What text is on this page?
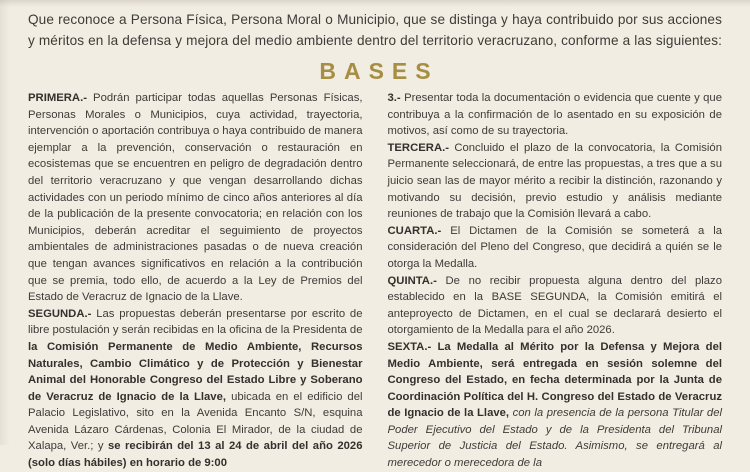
Que reconoce a Persona Física, Persona Moral o Municipio, que se distinga y haya contribuido por sus acciones y méritos en la defensa y mejora del medio ambiente dentro del territorio veracruzano, conforme a las siguientes:

BASES

PRIMERA.- Podrán participar todas aquellas Personas Físicas, Personas Morales o Municipios, cuya actividad, trayectoria, intervención o aportación contribuya o haya contribuido de manera ejemplar a la prevención, conservación o restauración en ecosistemas que se encuentren en peligro de degradación dentro del territorio veracruzano y que vengan desarrollando dichas actividades con un periodo mínimo de cinco años anteriores al día de la publicación de la presente convocatoria; en relación con los Municipios, deberán acreditar el seguimiento de proyectos ambientales de administraciones pasadas o de nueva creación que tengan avances significativos en relación a la contribución que se premia, todo ello, de acuerdo a la Ley de Premios del Estado de Veracruz de Ignacio de la Llave.

SEGUNDA.- Las propuestas deberán presentarse por escrito de libre postulación y serán recibidas en la oficina de la Presidenta de la Comisión Permanente de Medio Ambiente, Recursos Naturales, Cambio Climático y de Protección y Bienestar Animal del Honorable Congreso del Estado Libre y Soberano de Veracruz de Ignacio de la Llave, ubicada en el edificio del Palacio Legislativo, sito en la Avenida Encanto S/N, esquina Avenida Lázaro Cárdenas, Colonia El Mirador, de la ciudad de Xalapa, Ver.; y se recibirán del 13 al 24 de abril del año 2026 (solo días hábiles) en horario de 9:00

3.- Presentar toda la documentación o evidencia que cuente y que contribuya a la confirmación de lo asentado en su exposición de motivos, así como de su trayectoria.

TERCERA.- Concluido el plazo de la convocatoria, la Comisión Permanente seleccionará, de entre las propuestas, a tres que a su juicio sean las de mayor mérito a recibir la distinción, razonando y motivando su decisión, previo estudio y análisis mediante reuniones de trabajo que la Comisión llevará a cabo.

CUARTA.- El Dictamen de la Comisión se someterá a la consideración del Pleno del Congreso, que decidirá a quién se le otorga la Medalla.

QUINTA.- De no recibir propuesta alguna dentro del plazo establecido en la BASE SEGUNDA, la Comisión emitirá el anteproyecto de Dictamen, en el cual se declarará desierto el otorgamiento de la Medalla para el año 2026.

SEXTA.- La Medalla al Mérito por la Defensa y Mejora del Medio Ambiente, será entregada en sesión solemne del Congreso del Estado, en fecha determinada por la Junta de Coordinación Política del H. Congreso del Estado de Veracruz de Ignacio de la Llave, con la presencia de la persona Titular del Poder Ejecutivo del Estado y de la Presidenta del Tribunal Superior de Justicia del Estado. Asimismo, se entregará al merecedor o merecedora de la
